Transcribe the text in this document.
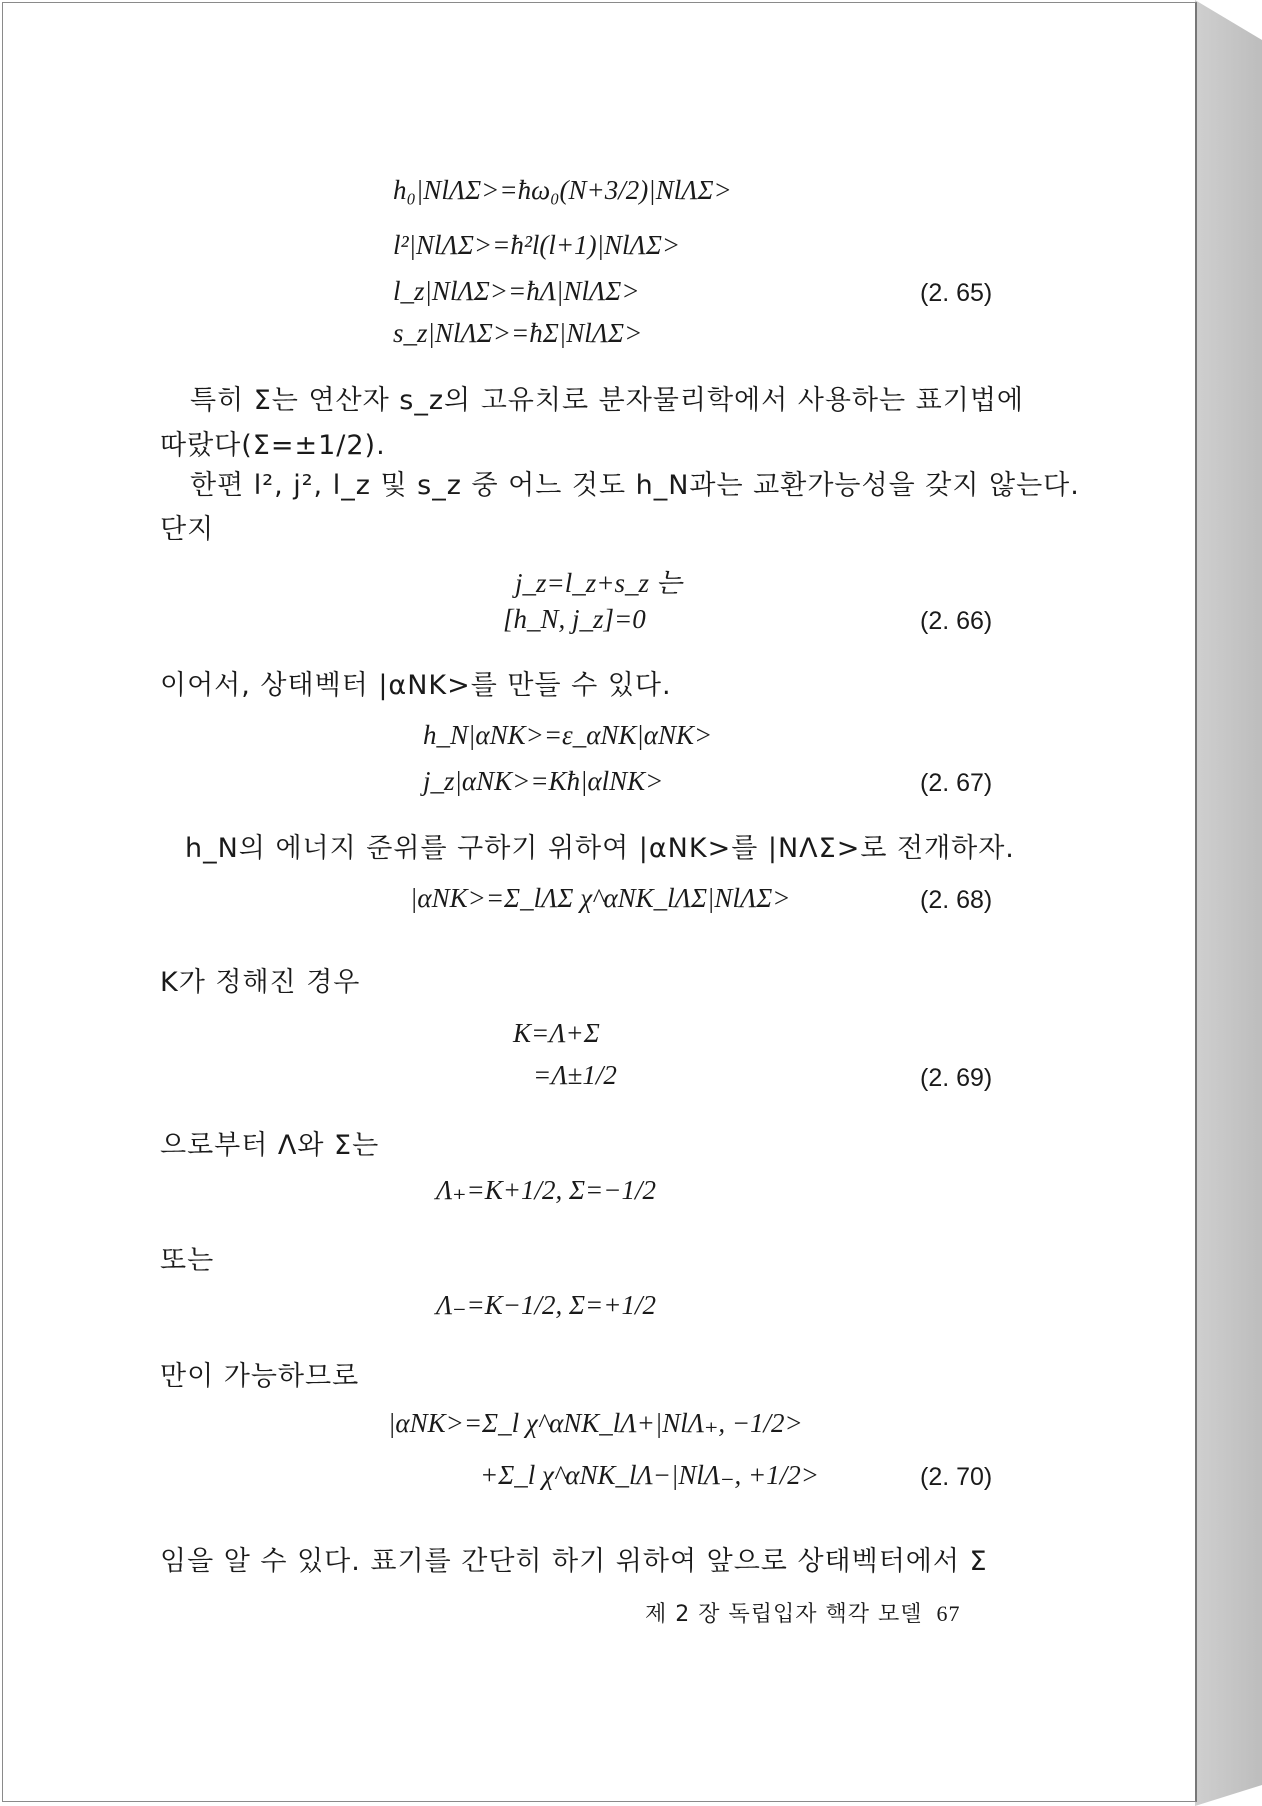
h₀|NlΛΣ>=ħω₀(N+3/2)|NlΛΣ>
l²|NlΛΣ>=ħ²l(l+1)|NlΛΣ>
l_z|NlΛΣ>=ħΛ|NlΛΣ>	(2. 65)
s_z|NlΛΣ>=ħΣ|NlΛΣ>
특히 Σ는 연산자 s_z의 고유치로 분자물리학에서 사용하는 표기법에
따랐다(Σ=±1/2).
한편 l², j², l_z 및 s_z 중 어느 것도 h_N과는 교환가능성을 갖지 않는다.
단지
j_z=l_z+s_z 는
[h_N, j_z]=0	(2. 66)
이어서, 상태벡터 |αNK>를 만들 수 있다.
h_N|αNK>=ε_αNK|αNK>
j_z|αNK>=Kħ|αlNK>	(2. 67)
h_N의 에너지 준위를 구하기 위하여 |αNK>를 |NΛΣ>로 전개하자.
|αNK>=Σ_lΛΣ χ^αNK_lΛΣ|NlΛΣ>	(2. 68)
K가 정해진 경우
K=Λ+Σ
=Λ±1/2	(2. 69)
으로부터 Λ와 Σ는
Λ₊=K+1/2, Σ=−1/2
또는
Λ₋=K−1/2, Σ=+1/2
만이 가능하므로
|αNK>=Σ_l χ^αNK_lΛ+|NlΛ₊, −1/2>
+Σ_l χ^αNK_lΛ−|NlΛ₋, +1/2>	(2. 70)
임을 알 수 있다. 표기를 간단히 하기 위하여 앞으로 상태벡터에서 Σ
제 2 장 독립입자 핵각 모델 67
